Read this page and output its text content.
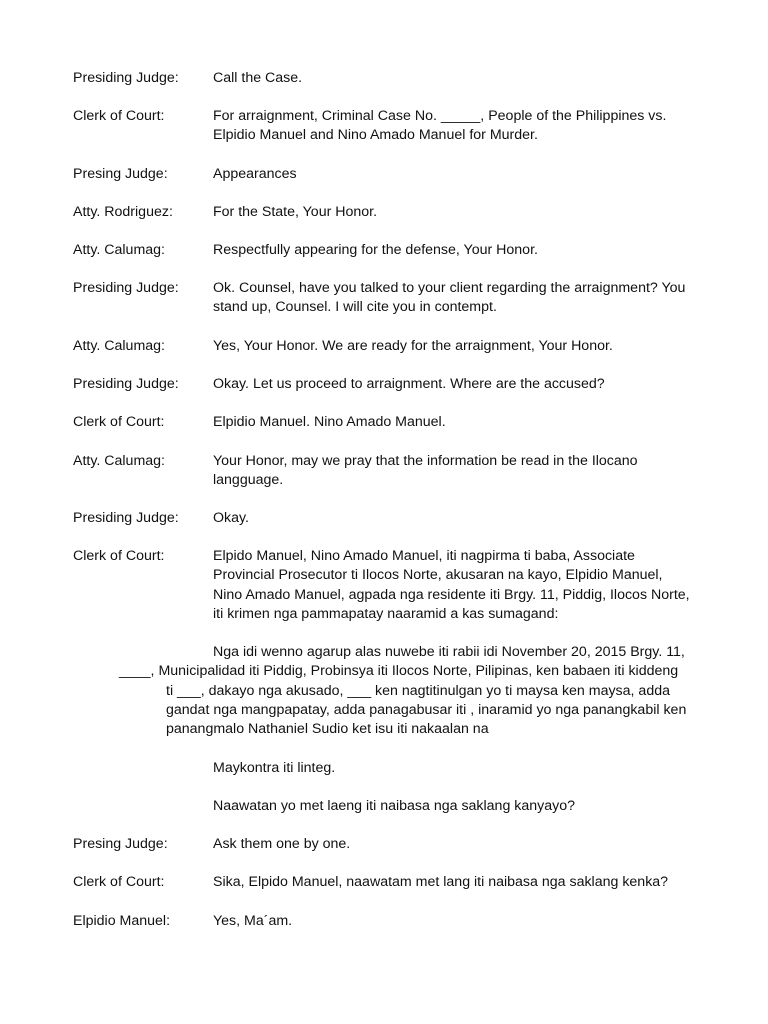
Presiding Judge: Call the Case.
Clerk of Court:	For arraignment, Criminal Case No. _____, People of the Philippines vs.
Elpidio Manuel and Nino Amado Manuel for Murder.
Presing Judge:	Appearances
Atty. Rodriguez:	For the State, Your Honor.
Atty. Calumag:	Respectfully appearing for the defense, Your Honor.
Presiding Judge: Ok. Counsel, have you talked to your client regarding the arraignment? You
stand up, Counsel. I will cite you in contempt.
Atty. Calumag:	Yes, Your Honor. We are ready for the arraignment, Your Honor.
Presiding Judge: Okay. Let us proceed to arraignment. Where are the accused?
Clerk of Court:	Elpidio Manuel. Nino Amado Manuel.
Atty. Calumag:	Your Honor, may we pray that the information be read in the Ilocano
langguage.
Presiding Judge: Okay.
Clerk of Court:	Elpido Manuel, Nino Amado Manuel, iti nagpirma ti baba, Associate
Provincial Prosecutor ti Ilocos Norte, akusaran na kayo, Elpidio Manuel,
Nino Amado Manuel, agpada nga residente iti Brgy. 11, Piddig, Ilocos Norte,
iti krimen nga pammapatay naaramid a kas sumagand:
Nga idi wenno agarup alas nuwebe iti rabii idi November 20, 2015 Brgy. 11,
____, Municipalidad iti Piddig, Probinsya iti Ilocos Norte, Pilipinas, ken babaen iti kiddeng
ti ___, dakayo nga akusado, ___ ken nagtitinulgan yo ti maysa ken maysa, adda
gandat nga mangpapatay, adda panagabusar iti , inaramid yo nga panangkabil ken
panangmalo Nathaniel Sudio ket isu iti nakaalan na
Maykontra iti linteg.
Naawatan yo met laeng iti naibasa nga saklang kanyayo?
Presing Judge:	Ask them one by one.
Clerk of Court:	Sika, Elpido Manuel, naawatam met lang iti naibasa nga saklang kenka?
Elpidio Manuel:	Yes, Ma´am.
